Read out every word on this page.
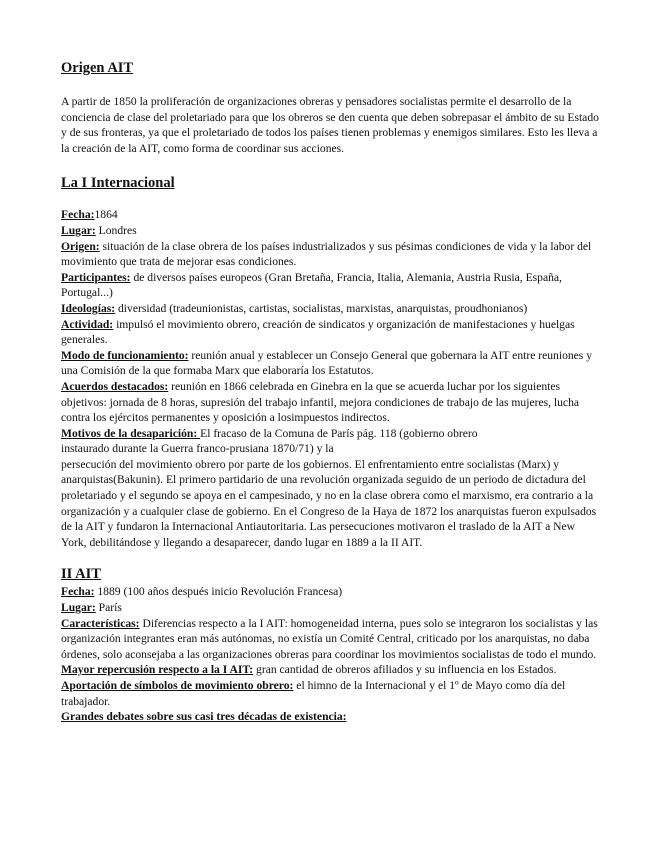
Origen AIT

A partir de 1850 la proliferación de organizaciones obreras y pensadores socialistas permite el desarrollo de la conciencia de clase del proletariado para que los obreros se den cuenta que deben sobrepasar el ámbito de su Estado y de sus fronteras, ya que el proletariado de todos los países tienen problemas y enemigos similares. Esto les lleva a la creación de la AIT, como forma de coordinar sus acciones.

La I Internacional

Fecha:1864

Lugar: Londres

Origen: situación de la clase obrera de los países industrializados y sus pésimas condiciones de vida y la labor del movimiento que trata de mejorar esas condiciones.

Participantes: de diversos países europeos (Gran Bretaña, Francia, Italia, Alemania, Austria Rusia, España, Portugal...)

Ideologías: diversidad (tradeunionistas, cartistas, socialistas, marxistas, anarquistas, proudhonianos)

Actividad: impulsó el movimiento obrero, creación de sindicatos y organización de manifestaciones y huelgas generales.

Modo de funcionamiento: reunión anual y establecer un Consejo General que gobernara la AIT entre reuniones y una Comisión de la que formaba Marx que elaboraría los Estatutos.

Acuerdos destacados: reunión en 1866 celebrada en Ginebra en la que se acuerda luchar por los siguientes objetivos: jornada de 8 horas, supresión del trabajo infantil, mejora condiciones de trabajo de las mujeres, lucha contra los ejércitos permanentes y oposición a losimpuestos indirectos.

Motivos de la desaparición: El fracaso de la Comuna de París pág. 118 (gobierno obrero instaurado durante la Guerra franco-prusiana 1870/71) y la

persecución del movimiento obrero por parte de los gobiernos. El enfrentamiento entre socialistas (Marx) y anarquistas(Bakunin). El primero partidario de una revolución organizada seguido de un periodo de dictadura del proletariado y el segundo se apoya en el campesinado, y no en la clase obrera como el marxismo, era contrario a la organización y a cualquier clase de gobierno. En el Congreso de la Haya de 1872 los anarquistas fueron expulsados de la AIT y fundaron la Internacional Antiautoritaria. Las persecuciones motivaron el traslado de la AIT a New York, debilitándose y llegando a desaparecer, dando lugar en 1889 a la II AIT.

II AIT

Fecha: 1889 (100 años después inicio Revolución Francesa)

Lugar: París

Características: Diferencias respecto a la I AIT: homogeneidad interna, pues solo se integraron los socialistas y las organización integrantes eran más autónomas, no existía un Comité Central, criticado por los anarquistas, no daba órdenes, solo aconsejaba a las organizaciones obreras para coordinar los movimientos socialistas de todo el mundo.

Mayor repercusión respecto a la I AIT: gran cantidad de obreros afiliados y su influencia en los Estados.

Aportación de símbolos de movimiento obrero: el himno de la Internacional y el 1º de Mayo como día del trabajador.

Grandes debates sobre sus casi tres décadas de existencia:
